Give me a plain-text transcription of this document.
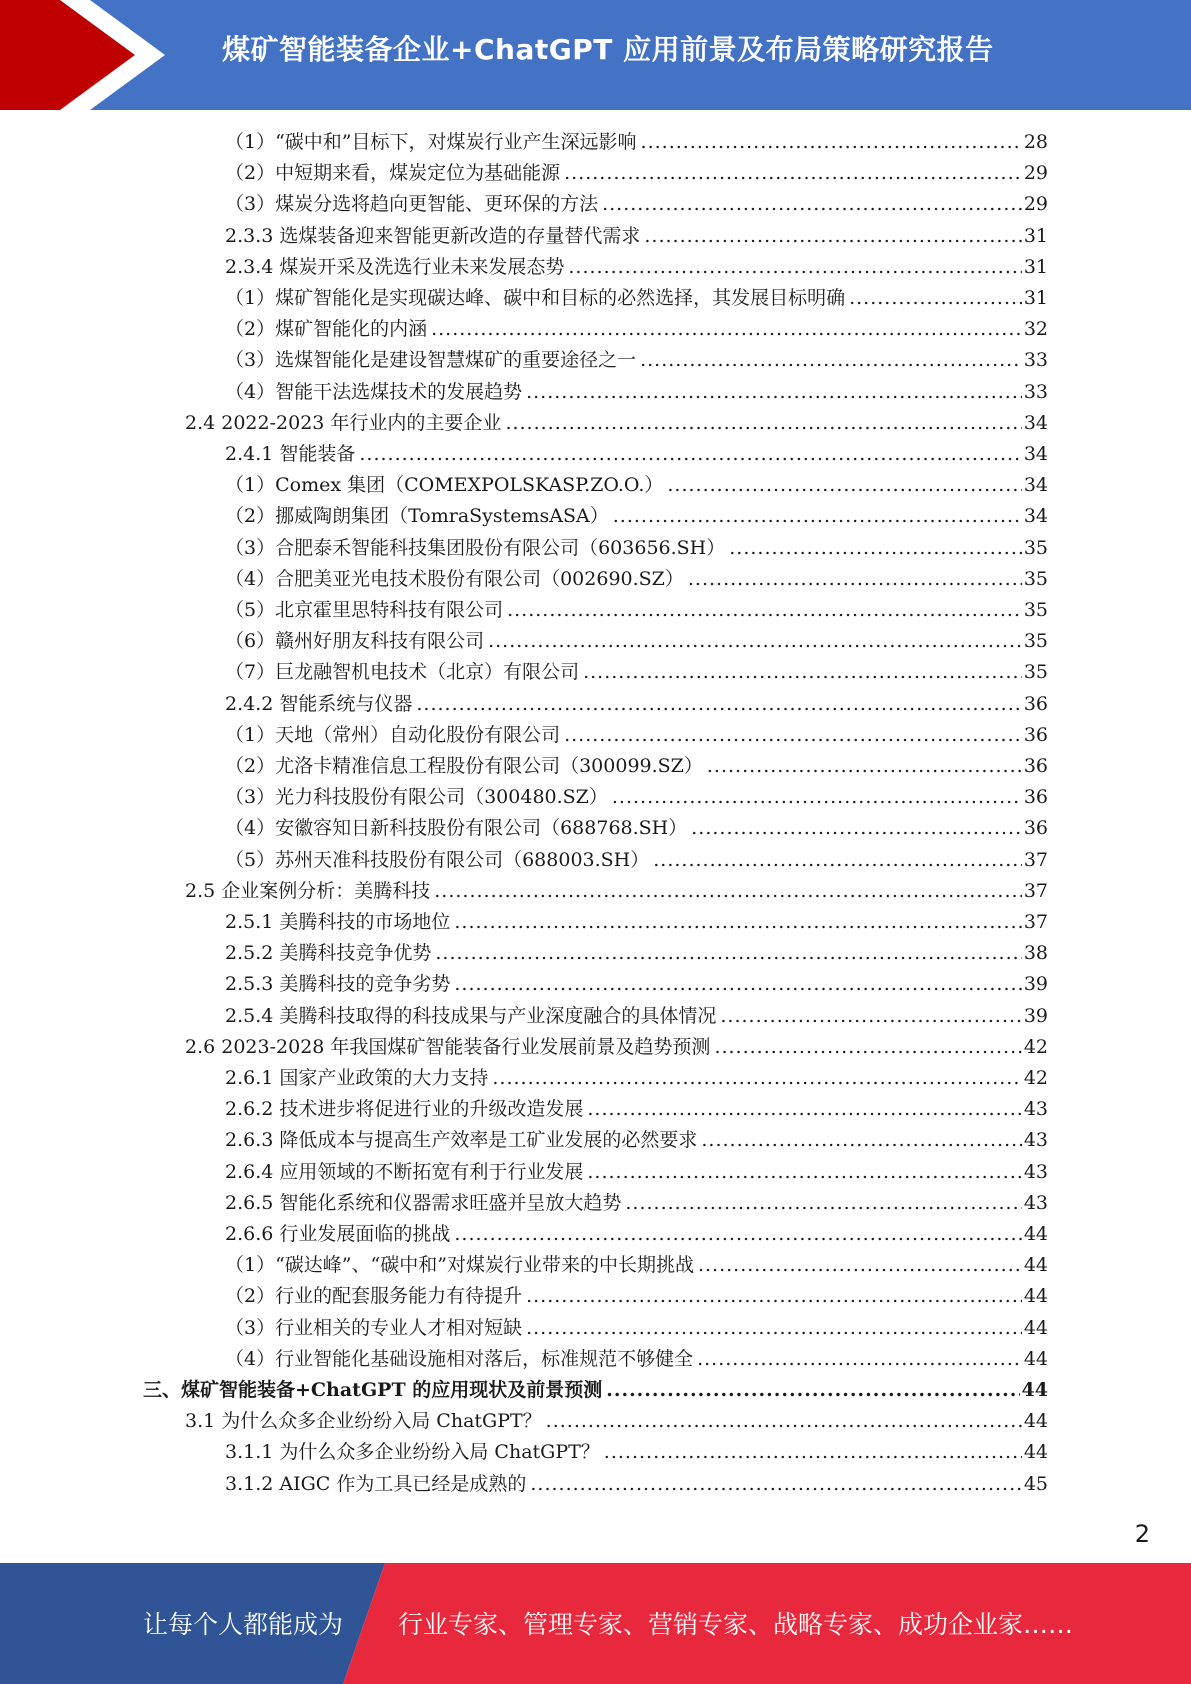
煤矿智能装备企业+ChatGPT 应用前景及布局策略研究报告
（1）“碳中和”目标下，对煤炭行业产生深远影响 .....	28
（2）中短期来看，煤炭定位为基础能源 .....	29
（3）煤炭分选将趋向更智能、更环保的方法 .....	29
2.3.3 选煤装备迎来智能更新改造的存量替代需求 .....	31
2.3.4 煤炭开采及洗选行业未来发展态势 .....	31
（1）煤矿智能化是实现碳达峰、碳中和目标的必然选择，其发展目标明确 .....	31
（2）煤矿智能化的内涵 .....	32
（3）选煤智能化是建设智慧煤矿的重要途径之一 .....	33
（4）智能干法选煤技术的发展趋势 .....	33
2.4 2022-2023 年行业内的主要企业 .....	34
2.4.1 智能装备 .....	34
（1）Comex 集团（COMEXPOLSKASP.ZO.O.） .....	34
（2）挪威陶朗集团（TomraSystemsASA） .....	34
（3）合肥泰禾智能科技集团股份有限公司（603656.SH） .....	35
（4）合肥美亚光电技术股份有限公司（002690.SZ） .....	35
（5）北京霍里思特科技有限公司 .....	35
（6）赣州好朋友科技有限公司 .....	35
（7）巨龙融智机电技术（北京）有限公司 .....	35
2.4.2 智能系统与仪器 .....	36
（1）天地（常州）自动化股份有限公司 .....	36
（2）尤洛卡精准信息工程股份有限公司（300099.SZ） .....	36
（3）光力科技股份有限公司（300480.SZ） .....	36
（4）安徽容知日新科技股份有限公司（688768.SH） .....	36
（5）苏州天准科技股份有限公司（688003.SH） .....	37
2.5 企业案例分析：美腾科技 .....	37
2.5.1 美腾科技的市场地位 .....	37
2.5.2 美腾科技竞争优势 .....	38
2.5.3 美腾科技的竞争劣势 .....	39
2.5.4 美腾科技取得的科技成果与产业深度融合的具体情况 .....	39
2.6 2023-2028 年我国煤矿智能装备行业发展前景及趋势预测 .....	42
2.6.1 国家产业政策的大力支持 .....	42
2.6.2 技术进步将促进行业的升级改造发展 .....	43
2.6.3 降低成本与提高生产效率是工矿业发展的必然要求 .....	43
2.6.4 应用领域的不断拓宽有利于行业发展 .....	43
2.6.5 智能化系统和仪器需求旺盛并呈放大趋势 .....	43
2.6.6 行业发展面临的挑战 .....	44
（1）“碳达峰”、“碳中和”对煤炭行业带来的中长期挑战 .....	44
（2）行业的配套服务能力有待提升 .....	44
（3）行业相关的专业人才相对短缺 .....	44
（4）行业智能化基础设施相对落后，标准规范不够健全 .....	44
三、煤矿智能装备+ChatGPT 的应用现状及前景预测 .....	44
3.1 为什么众多企业纷纷入局 ChatGPT？ .....	44
3.1.1 为什么众多企业纷纷入局 ChatGPT？ .....	44
3.1.2 AIGC 作为工具已经是成熟的 .....	45
2
让每个人都能成为 行业专家、管理专家、营销专家、战略专家、成功企业家……
